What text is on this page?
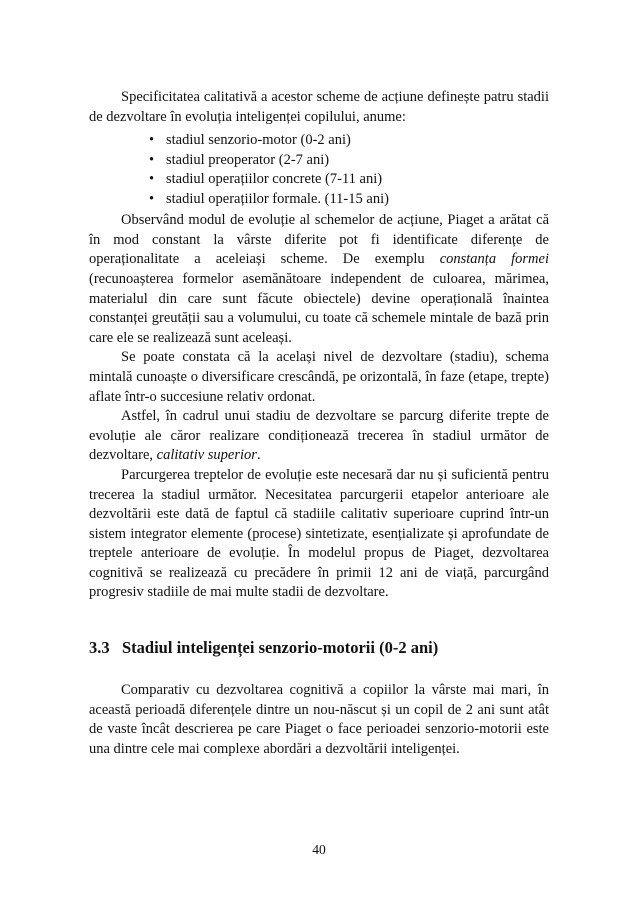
Specificitatea calitativă a acestor scheme de acțiune definește patru stadii de dezvoltare în evoluția inteligenței copilului, anume:

• stadiul senzorio-motor (0-2 ani)
• stadiul preoperator (2-7 ani)
• stadiul operațiilor concrete (7-11 ani)
• stadiul operațiilor formale. (11-15 ani)

Observând modul de evoluție al schemelor de acțiune, Piaget a arătat că în mod constant la vârste diferite pot fi identificate diferențe de operaționalitate a aceleiași scheme. De exemplu constanța formei (recunoașterea formelor asemănătoare independent de culoarea, mărimea, materialul din care sunt făcute obiectele) devine operațională înaintea constanței greutății sau a volumului, cu toate că schemele mintale de bază prin care ele se realizează sunt aceleași.

Se poate constata că la același nivel de dezvoltare (stadiu), schema mintală cunoaște o diversificare crescândă, pe orizontală, în faze (etape, trepte) aflate într-o succesiune relativ ordonat.

Astfel, în cadrul unui stadiu de dezvoltare se parcurg diferite trepte de evoluție ale căror realizare condiționează trecerea în stadiul următor de dezvoltare, calitativ superior.

Parcurgerea treptelor de evoluție este necesară dar nu și suficientă pentru trecerea la stadiul următor. Necesitatea parcurgerii etapelor anterioare ale dezvoltării este dată de faptul că stadiile calitativ superioare cuprind într-un sistem integrator elemente (procese) sintetizate, esențializate și aprofundate de treptele anterioare de evoluție. În modelul propus de Piaget, dezvoltarea cognitivă se realizează cu precădere în primii 12 ani de viață, parcurgând progresiv stadiile de mai multe stadii de dezvoltare.

3.3 Stadiul inteligenței senzorio-motorii (0-2 ani)

Comparativ cu dezvoltarea cognitivă a copiilor la vârste mai mari, în această perioadă diferențele dintre un nou-născut și un copil de 2 ani sunt atât de vaste încât descrierea pe care Piaget o face perioadei senzorio-motorii este una dintre cele mai complexe abordări a dezvoltării inteligenței.

40
